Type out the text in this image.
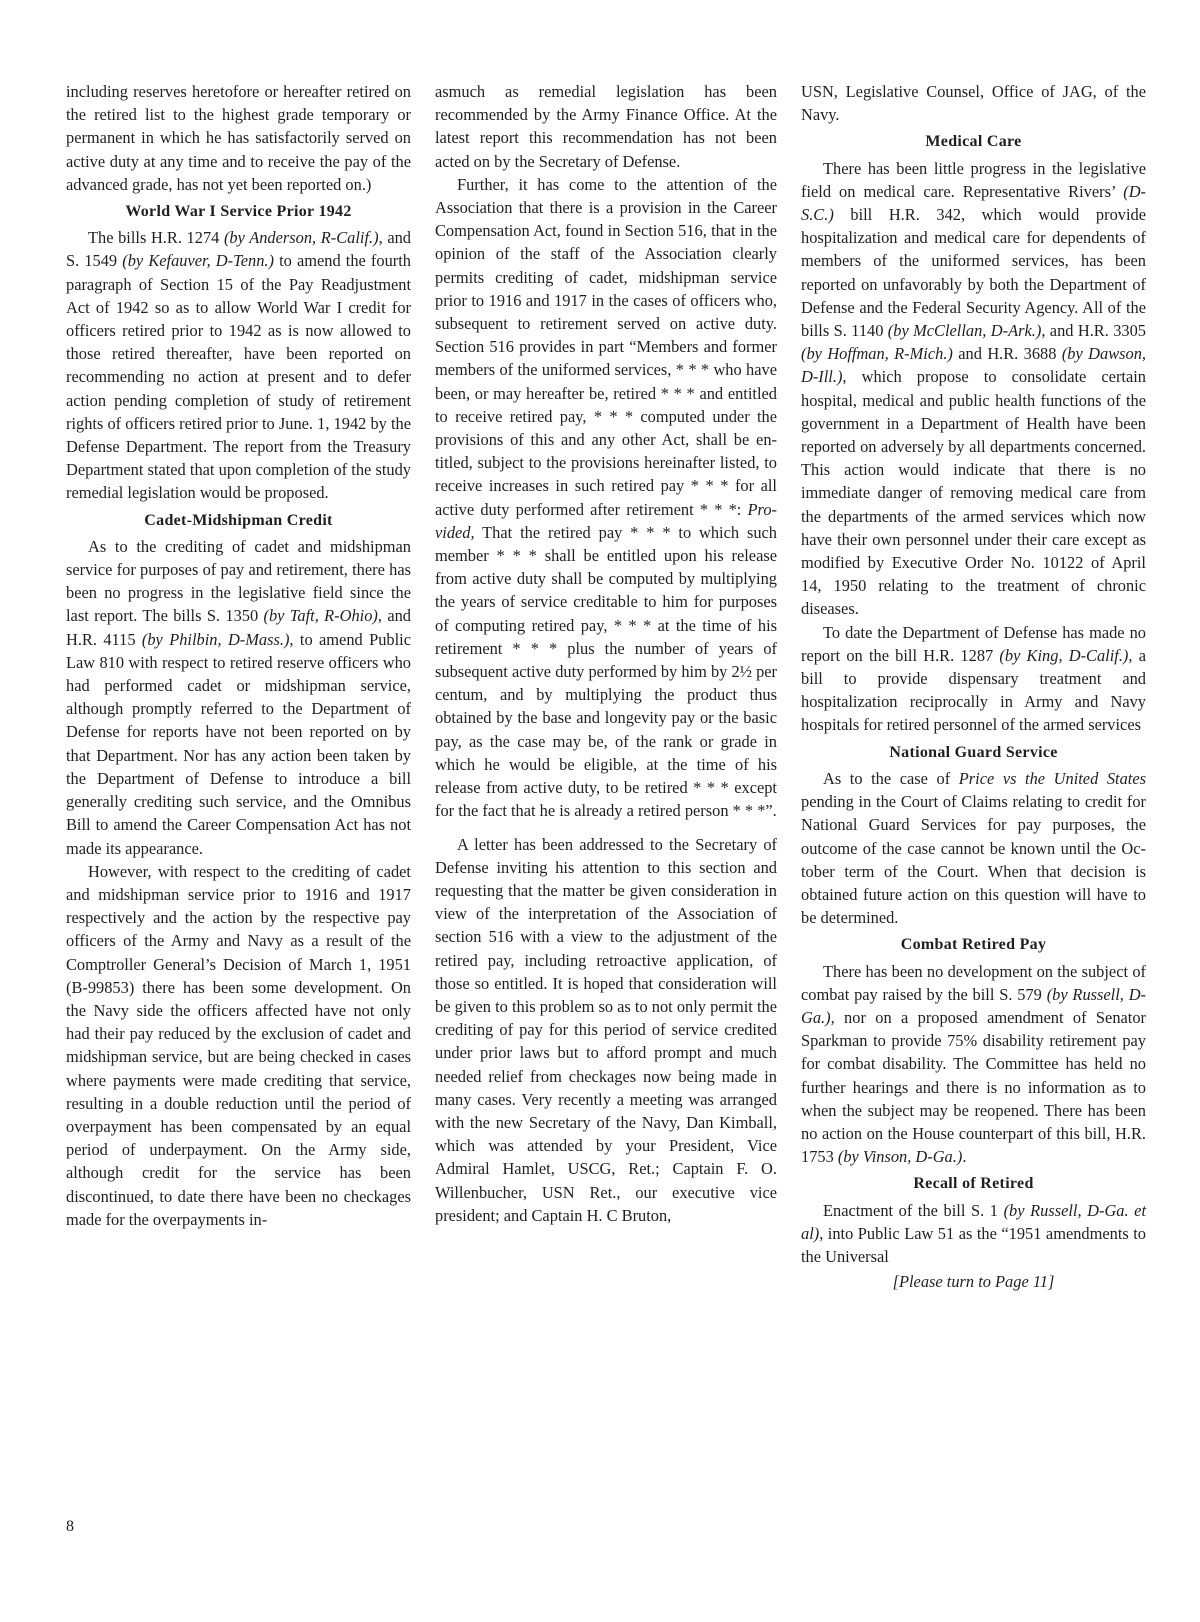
including reserves heretofore or hereafter retired on the retired list to the highest grade temporary or permanent in which he has satisfactorily served on active duty at any time and to receive the pay of the advanced grade, has not yet been reported on.)

World War I Service Prior 1942

The bills H.R. 1274 (by Anderson, R-Calif.), and S. 1549 (by Kefauver, D-Tenn.) to amend the fourth paragraph of Section 15 of the Pay Readjustment Act of 1942 so as to allow World War I credit for officers retired prior to 1942 as is now allowed to those retired thereafter, have been reported on recommending no action at present and to defer action pending completion of study of retirement rights of officers retired prior to June. 1, 1942 by the Defense Department. The report from the Treasury Department stated that upon completion of the study remedial legislation would be proposed.

Cadet-Midshipman Credit

As to the crediting of cadet and midshipman service for purposes of pay and retirement, there has been no progress in the legislative field since the last report. The bills S. 1350 (by Taft, R-Ohio), and H.R. 4115 (by Philbin, D-Mass.), to amend Public Law 810 with respect to retired reserve officers who had performed cadet or midshipman service, although promptly referred to the Department of Defense for reports have not been reported on by that Department. Nor has any action been taken by the Department of Defense to introduce a bill generally crediting such service, and the Omnibus Bill to amend the Career Compensation Act has not made its appearance.

However, with respect to the crediting of cadet and midshipman service prior to 1916 and 1917 respectively and the action by the respective pay officers of the Army and Navy as a result of the Comptroller General’s Decision of March 1, 1951 (B-99853) there has been some development. On the Navy side the officers affected have not only had their pay reduced by the exclusion of cadet and midshipman service, but are being checked in cases where payments were made crediting that service, resulting in a double reduction until the period of overpayment has been compensated by an equal period of underpayment. On the Army side, although credit for the service has been discontinued, to date there have been no checkages made for the overpayments in-

asmuch as remedial legislation has been recommended by the Army Finance Office. At the latest report this recommendation has not been acted on by the Secretary of Defense.

Further, it has come to the attention of the Association that there is a provision in the Career Compensation Act, found in Section 516, that in the opinion of the staff of the Association clearly permits crediting of cadet, midshipman service prior to 1916 and 1917 in the cases of officers who, subsequent to retirement served on active duty. Section 516 provides in part “Members and former members of the uniformed services, * * * who have been, or may hereafter be, retired * * * and entitled to receive retired pay, * * * computed under the provisions of this and any other Act, shall be entitled, subject to the provisions hereinafter listed, to receive increases in such retired pay * * * for all active duty performed after retirement * * *: Provided, That the retired pay * * * to which such member * * * shall be entitled upon his release from active duty shall be computed by multiplying the years of service creditable to him for purposes of computing retired pay, * * * at the time of his retirement * * * plus the number of years of subsequent active duty performed by him by 2½ per centum, and by multiplying the product thus obtained by the base and longevity pay or the basic pay, as the case may be, of the rank or grade in which he would be eligible, at the time of his release from active duty, to be retired * * * except for the fact that he is already a retired person * * *”.

A letter has been addressed to the Secretary of Defense inviting his attention to this section and requesting that the matter be given consideration in view of the interpretation of the Association of section 516 with a view to the adjustment of the retired pay, including retroactive application, of those so entitled. It is hoped that consideration will be given to this problem so as to not only permit the crediting of pay for this period of service credited under prior laws but to afford prompt and much needed relief from checkages now being made in many cases. Very recently a meeting was arranged with the new Secretary of the Navy, Dan Kimball, which was attended by your President, Vice Admiral Hamlet, USCG, Ret.; Captain F. O. Willenbucher, USN Ret., our executive vice president; and Captain H. C Bruton,

USN, Legislative Counsel, Office of JAG, of the Navy.

Medical Care

There has been little progress in the legislative field on medical care. Representative Rivers’ (D-S.C.) bill H.R. 342, which would provide hospitalization and medical care for dependents of members of the uniformed services, has been reported on unfavorably by both the Department of Defense and the Federal Security Agency. All of the bills S. 1140 (by McClellan, D-Ark.), and H.R. 3305 (by Hoffman, R-Mich.) and H.R. 3688 (by Dawson, D-Ill.), which propose to consolidate certain hospital, medical and public health functions of the government in a Department of Health have been reported on adversely by all departments concerned. This action would indicate that there is no immediate danger of removing medical care from the departments of the armed services which now have their own personnel under their care except as modified by Executive Order No. 10122 of April 14, 1950 relating to the treatment of chronic diseases.

To date the Department of Defense has made no report on the bill H.R. 1287 (by King, D-Calif.), a bill to provide dispensary treatment and hospitalization reciprocally in Army and Navy hospitals for retired personnel of the armed services

National Guard Service

As to the case of Price vs the United States pending in the Court of Claims relating to credit for National Guard Services for pay purposes, the outcome of the case cannot be known until the October term of the Court. When that decision is obtained future action on this question will have to be determined.

Combat Retired Pay

There has been no development on the subject of combat pay raised by the bill S. 579 (by Russell, D-Ga.), nor on a proposed amendment of Senator Sparkman to provide 75% disability retirement pay for combat disability. The Committee has held no further hearings and there is no information as to when the subject may be reopened. There has been no action on the House counterpart of this bill, H.R. 1753 (by Vinson, D-Ga.).

Recall of Retired

Enactment of the bill S. 1 (by Russell, D-Ga. et al), into Public Law 51 as the “1951 amendments to the Universal

[Please turn to Page 11]
8
